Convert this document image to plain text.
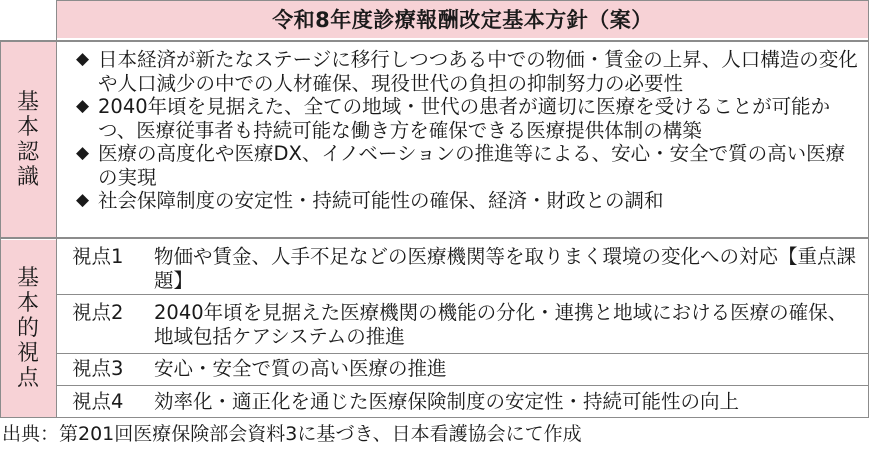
令和8年度診療報酬改定基本方針（案）
基
本
認
識
基
本
的
視
点

◆ 日本経済が新たなステージに移行しつつある中での物価・賃金の上昇、人口構造の変化や人口減少の中での人材確保、現役世代の負担の抑制努力の必要性

◆ 2040年頃を見据えた、全ての地域・世代の患者が適切に医療を受けることが可能かつ、医療従事者も持続可能な働き方を確保できる医療提供体制の構築

◆ 医療の高度化や医療DX、イノベーションの推進等による、安心・安全で質の高い医療の実現

◆ 社会保障制度の安定性・持続可能性の確保、経済・財政との調和

視点1 物価や賃金、人手不足などの医療機関等を取りまく環境の変化への対応【重点課題】
視点2 2040年頃を見据えた医療機関の機能の分化・連携と地域における医療の確保、地域包括ケアシステムの推進
視点3 安心・安全で質の高い医療の推進
視点4 効率化・適正化を通じた医療保険制度の安定性・持続可能性の向上
出典：第201回医療保険部会資料3に基づき、日本看護協会にて作成
